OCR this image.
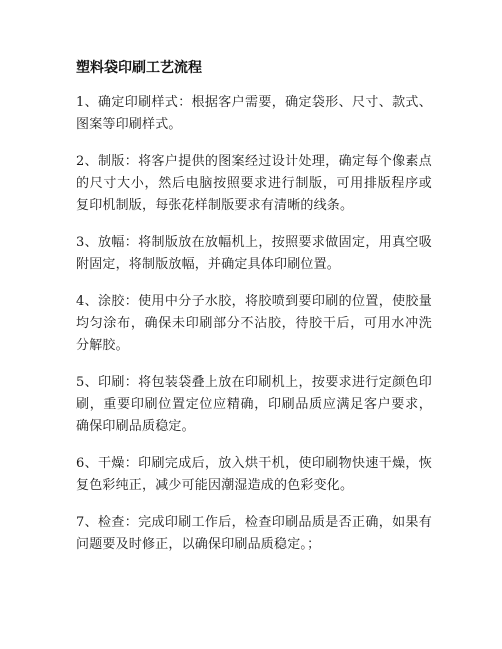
塑料袋印刷工艺流程

1、确定印刷样式：根据客户需要，确定袋形、尺寸、款式、图案等印刷样式。

2、制版：将客户提供的图案经过设计处理，确定每个像素点的尺寸大小，然后电脑按照要求进行制版，可用排版程序或复印机制版，每张花样制版要求有清晰的线条。

3、放幅：将制版放在放幅机上，按照要求做固定，用真空吸附固定，将制版放幅，并确定具体印刷位置。

4、涂胶：使用中分子水胶，将胶喷到要印刷的位置，使胶量均匀涂布，确保未印刷部分不沾胶，待胶干后，可用水冲洗分解胶。

5、印刷：将包装袋叠上放在印刷机上，按要求进行定颜色印刷，重要印刷位置定位应精确，印刷品质应满足客户要求，确保印刷品质稳定。

6、干燥：印刷完成后，放入烘干机，使印刷物快速干燥，恢复色彩纯正，减少可能因潮湿造成的色彩变化。

7、检查：完成印刷工作后，检查印刷品质是否正确，如果有问题要及时修正，以确保印刷品质稳定。；
